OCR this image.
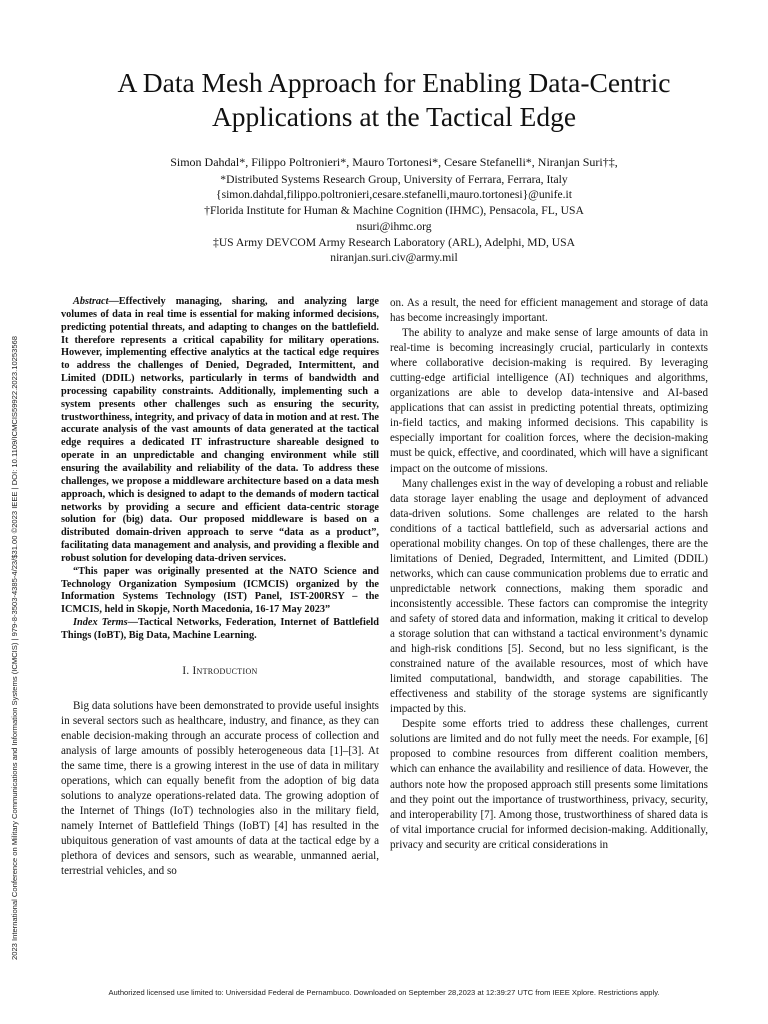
2023 International Conference on Military Communications and Information Systems (ICMCIS) | 979-8-3503-4385-4/23/$31.00 ©2023 IEEE | DOI: 10.1109/ICMCIS59922.2023.10253568
A Data Mesh Approach for Enabling Data-Centric
Applications at the Tactical Edge
Simon Dahdal*, Filippo Poltronieri*, Mauro Tortonesi*, Cesare Stefanelli*, Niranjan Suri†‡,
*Distributed Systems Research Group, University of Ferrara, Ferrara, Italy
{simon.dahdal,filippo.poltronieri,cesare.stefanelli,mauro.tortonesi}@unife.it
†Florida Institute for Human & Machine Cognition (IHMC), Pensacola, FL, USA
nsuri@ihmc.org
‡US Army DEVCOM Army Research Laboratory (ARL), Adelphi, MD, USA
niranjan.suri.civ@army.mil

Abstract—Effectively managing, sharing, and analyzing large volumes of data in real time is essential for making informed decisions, predicting potential threats, and adapting to changes on the battlefield. It therefore represents a critical capability for military operations. However, implementing effective analytics at the tactical edge requires to address the challenges of Denied, Degraded, Intermittent, and Limited (DDIL) networks, particularly in terms of bandwidth and processing capability constraints. Additionally, implementing such a system presents other challenges such as ensuring the security, trustworthiness, integrity, and privacy of data in motion and at rest. The accurate analysis of the vast amounts of data generated at the tactical edge requires a dedicated IT infrastructure shareable designed to operate in an unpredictable and changing environment while still ensuring the availability and reliability of the data. To address these challenges, we propose a middleware architecture based on a data mesh approach, which is designed to adapt to the demands of modern tactical networks by providing a secure and efficient data-centric storage solution for (big) data. Our proposed middleware is based on a distributed domain-driven approach to serve “data as a product”, facilitating data management and analysis, and providing a flexible and robust solution for developing data-driven services.

“This paper was originally presented at the NATO Science and Technology Organization Symposium (ICMCIS) organized by the Information Systems Technology (IST) Panel, IST-200RSY – the ICMCIS, held in Skopje, North Macedonia, 16-17 May 2023”

Index Terms—Tactical Networks, Federation, Internet of Battlefield Things (IoBT), Big Data, Machine Learning.

I. Introduction

Big data solutions have been demonstrated to provide useful insights in several sectors such as healthcare, industry, and finance, as they can enable decision-making through an accurate process of collection and analysis of large amounts of possibly heterogeneous data [1]–[3]. At the same time, there is a growing interest in the use of data in military operations, which can equally benefit from the adoption of big data solutions to analyze operations-related data. The growing adoption of the Internet of Things (IoT) technologies also in the military field, namely Internet of Battlefield Things (IoBT) [4] has resulted in the ubiquitous generation of vast amounts of data at the tactical edge by a plethora of devices and sensors, such as wearable, unmanned aerial, terrestrial vehicles, and so

on. As a result, the need for efficient management and storage of data has become increasingly important.

The ability to analyze and make sense of large amounts of data in real-time is becoming increasingly crucial, particularly in contexts where collaborative decision-making is required. By leveraging cutting-edge artificial intelligence (AI) techniques and algorithms, organizations are able to develop data-intensive and AI-based applications that can assist in predicting potential threats, optimizing in-field tactics, and making informed decisions. This capability is especially important for coalition forces, where the decision-making must be quick, effective, and coordinated, which will have a significant impact on the outcome of missions.

Many challenges exist in the way of developing a robust and reliable data storage layer enabling the usage and deployment of advanced data-driven solutions. Some challenges are related to the harsh conditions of a tactical battlefield, such as adversarial actions and operational mobility changes. On top of these challenges, there are the limitations of Denied, Degraded, Intermittent, and Limited (DDIL) networks, which can cause communication problems due to erratic and unpredictable network connections, making them sporadic and inconsistently accessible. These factors can compromise the integrity and safety of stored data and information, making it critical to develop a storage solution that can withstand a tactical environment’s dynamic and high-risk conditions [5]. Second, but no less significant, is the constrained nature of the available resources, most of which have limited computational, bandwidth, and storage capabilities. The effectiveness and stability of the storage systems are significantly impacted by this.

Despite some efforts tried to address these challenges, current solutions are limited and do not fully meet the needs. For example, [6] proposed to combine resources from different coalition members, which can enhance the availability and resilience of data. However, the authors note how the proposed approach still presents some limitations and they point out the importance of trustworthiness, privacy, security, and interoperability [7]. Among those, trustworthiness of shared data is of vital importance crucial for informed decision-making. Additionally, privacy and security are critical considerations in

Authorized licensed use limited to: Universidad Federal de Pernambuco. Downloaded on September 28,2023 at 12:39:27 UTC from IEEE Xplore. Restrictions apply.
